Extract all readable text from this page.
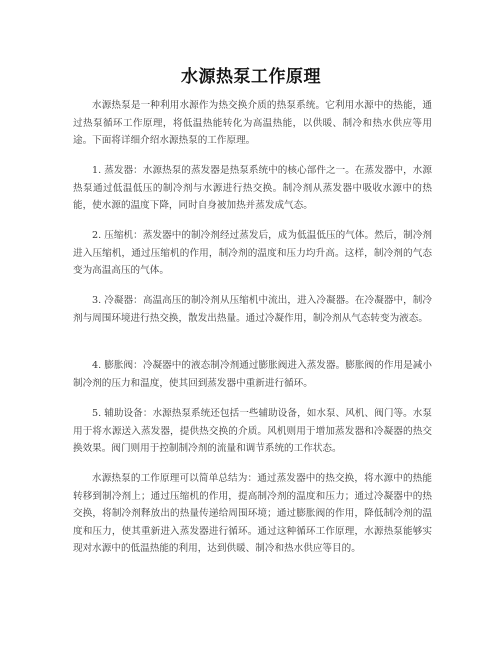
水源热泵工作原理

水源热泵是一种利用水源作为热交换介质的热泵系统。它利用水源中的热能，通过热泵循环工作原理，将低温热能转化为高温热能，以供暖、制冷和热水供应等用途。下面将详细介绍水源热泵的工作原理。

1. 蒸发器：水源热泵的蒸发器是热泵系统中的核心部件之一。在蒸发器中，水源热泵通过低温低压的制冷剂与水源进行热交换。制冷剂从蒸发器中吸收水源中的热能，使水源的温度下降，同时自身被加热并蒸发成气态。

2. 压缩机：蒸发器中的制冷剂经过蒸发后，成为低温低压的气体。然后，制冷剂进入压缩机，通过压缩机的作用，制冷剂的温度和压力均升高。这样，制冷剂的气态变为高温高压的气体。

3. 冷凝器：高温高压的制冷剂从压缩机中流出，进入冷凝器。在冷凝器中，制冷剂与周围环境进行热交换，散发出热量。通过冷凝作用，制冷剂从气态转变为液态。

4. 膨胀阀：冷凝器中的液态制冷剂通过膨胀阀进入蒸发器。膨胀阀的作用是减小制冷剂的压力和温度，使其回到蒸发器中重新进行循环。

5. 辅助设备：水源热泵系统还包括一些辅助设备，如水泵、风机、阀门等。水泵用于将水源送入蒸发器，提供热交换的介质。风机则用于增加蒸发器和冷凝器的热交换效果。阀门则用于控制制冷剂的流量和调节系统的工作状态。

水源热泵的工作原理可以简单总结为：通过蒸发器中的热交换，将水源中的热能转移到制冷剂上；通过压缩机的作用，提高制冷剂的温度和压力；通过冷凝器中的热交换，将制冷剂释放出的热量传递给周围环境；通过膨胀阀的作用，降低制冷剂的温度和压力，使其重新进入蒸发器进行循环。通过这种循环工作原理，水源热泵能够实现对水源中的低温热能的利用，达到供暖、制冷和热水供应等目的。
